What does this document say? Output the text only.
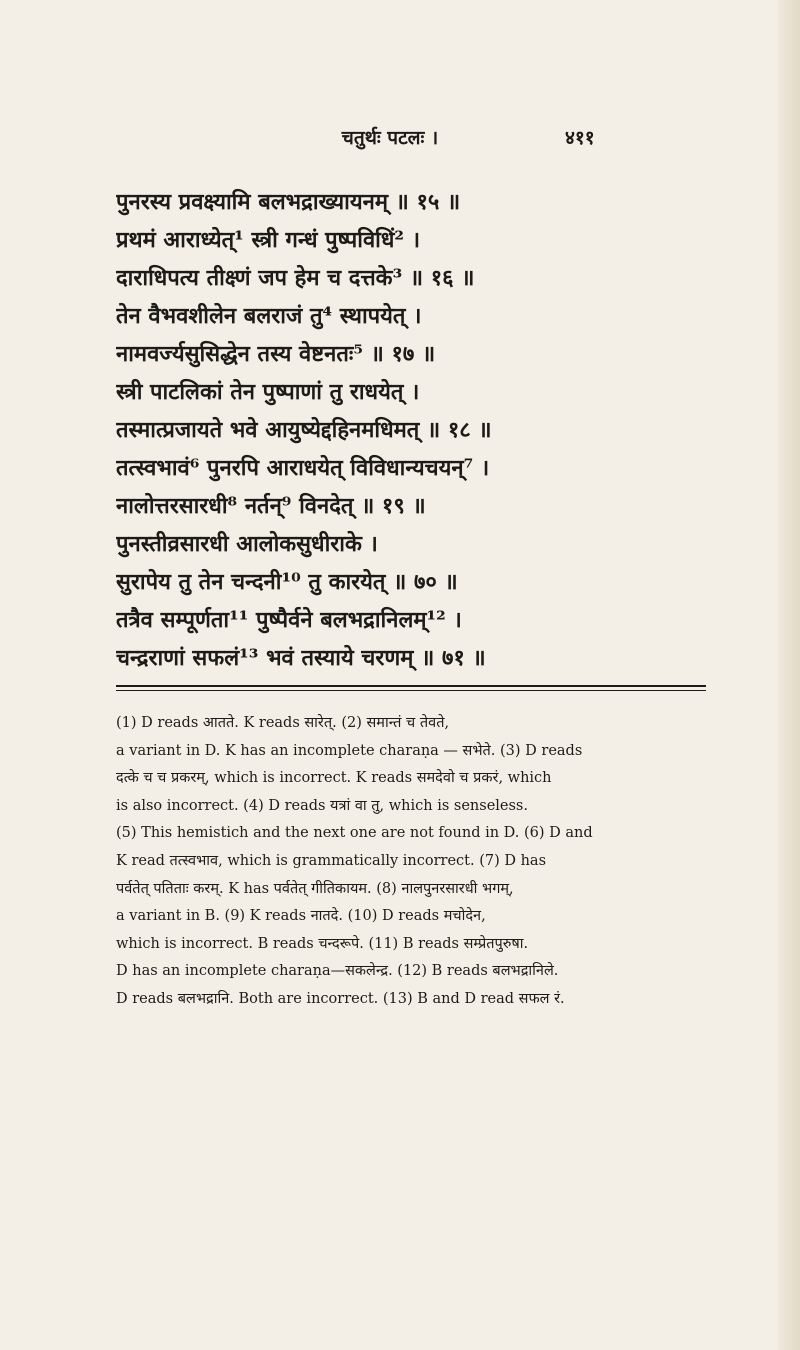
चतुर्थः पटलः ।	४११
पुनरस्य प्रवक्ष्यामि बलभद्राख्यायनम् ॥ १५ ॥
प्रथमं आराध्येत्¹ स्त्री गन्धं पुष्पविधिं² ।
दाराधिपत्य तीक्ष्णं जप हेम च दत्तके³ ॥ १६ ॥
तेन वैभवशीलेन बलराजं तु⁴ स्थापयेत् ।
नामवर्ज्यसुसिद्धेन तस्य वेष्टनतः⁵ ॥ १७ ॥
स्त्री पाटलिकां तेन पुष्पाणां तु राधयेत् ।
तस्मात्प्रजायते भवे आयुष्येद्दहिनमधिमत् ॥ १८ ॥
तत्स्वभावं⁶ पुनरपि आराधयेत् विविधान्यचयन्⁷ ।
नालोत्तरसारधी⁸ नर्तन्⁹ विनदेत् ॥ १९ ॥
पुनस्तीव्रसारधी आलोकसुधीराके ।
सुरापेय तु तेन चन्दनी¹⁰ तु कारयेत् ॥ ७० ॥
तत्रैव सम्पूर्णता¹¹ पुष्पैर्वने बलभद्रानिलम्¹² ।
चन्द्रराणां सफलं¹³ भवं तस्याये चरणम् ॥ ७१ ॥
(1) D reads आतते. K reads सारेत्. (2) समान्तं च तेवते,
a variant in D. K has an incomplete charaṇa — सभेते. (3) D reads
दत्के च च प्रकरम्, which is incorrect. K reads समदेवो च प्रकरं, which
is also incorrect. (4) D reads यत्रां वा तु, which is senseless.
(5) This hemistich and the next one are not found in D. (6) D and
K read तत्स्वभाव, which is grammatically incorrect. (7) D has
पर्वतेत् पतिताः करम्. K has पर्वतेत् गीतिकायम. (8) नालपुनरसारधी भगम्,
a variant in B. (9) K reads नातदे. (10) D reads मचोदेन,
which is incorrect. B reads चन्दरूपे. (11) B reads सम्प्रेतपुरुषा.
D has an incomplete charaṇa—सकलेन्द्र. (12) B reads बलभद्रानिले.
D reads बलभद्रानि. Both are incorrect. (13) B and D read सफल रं.
